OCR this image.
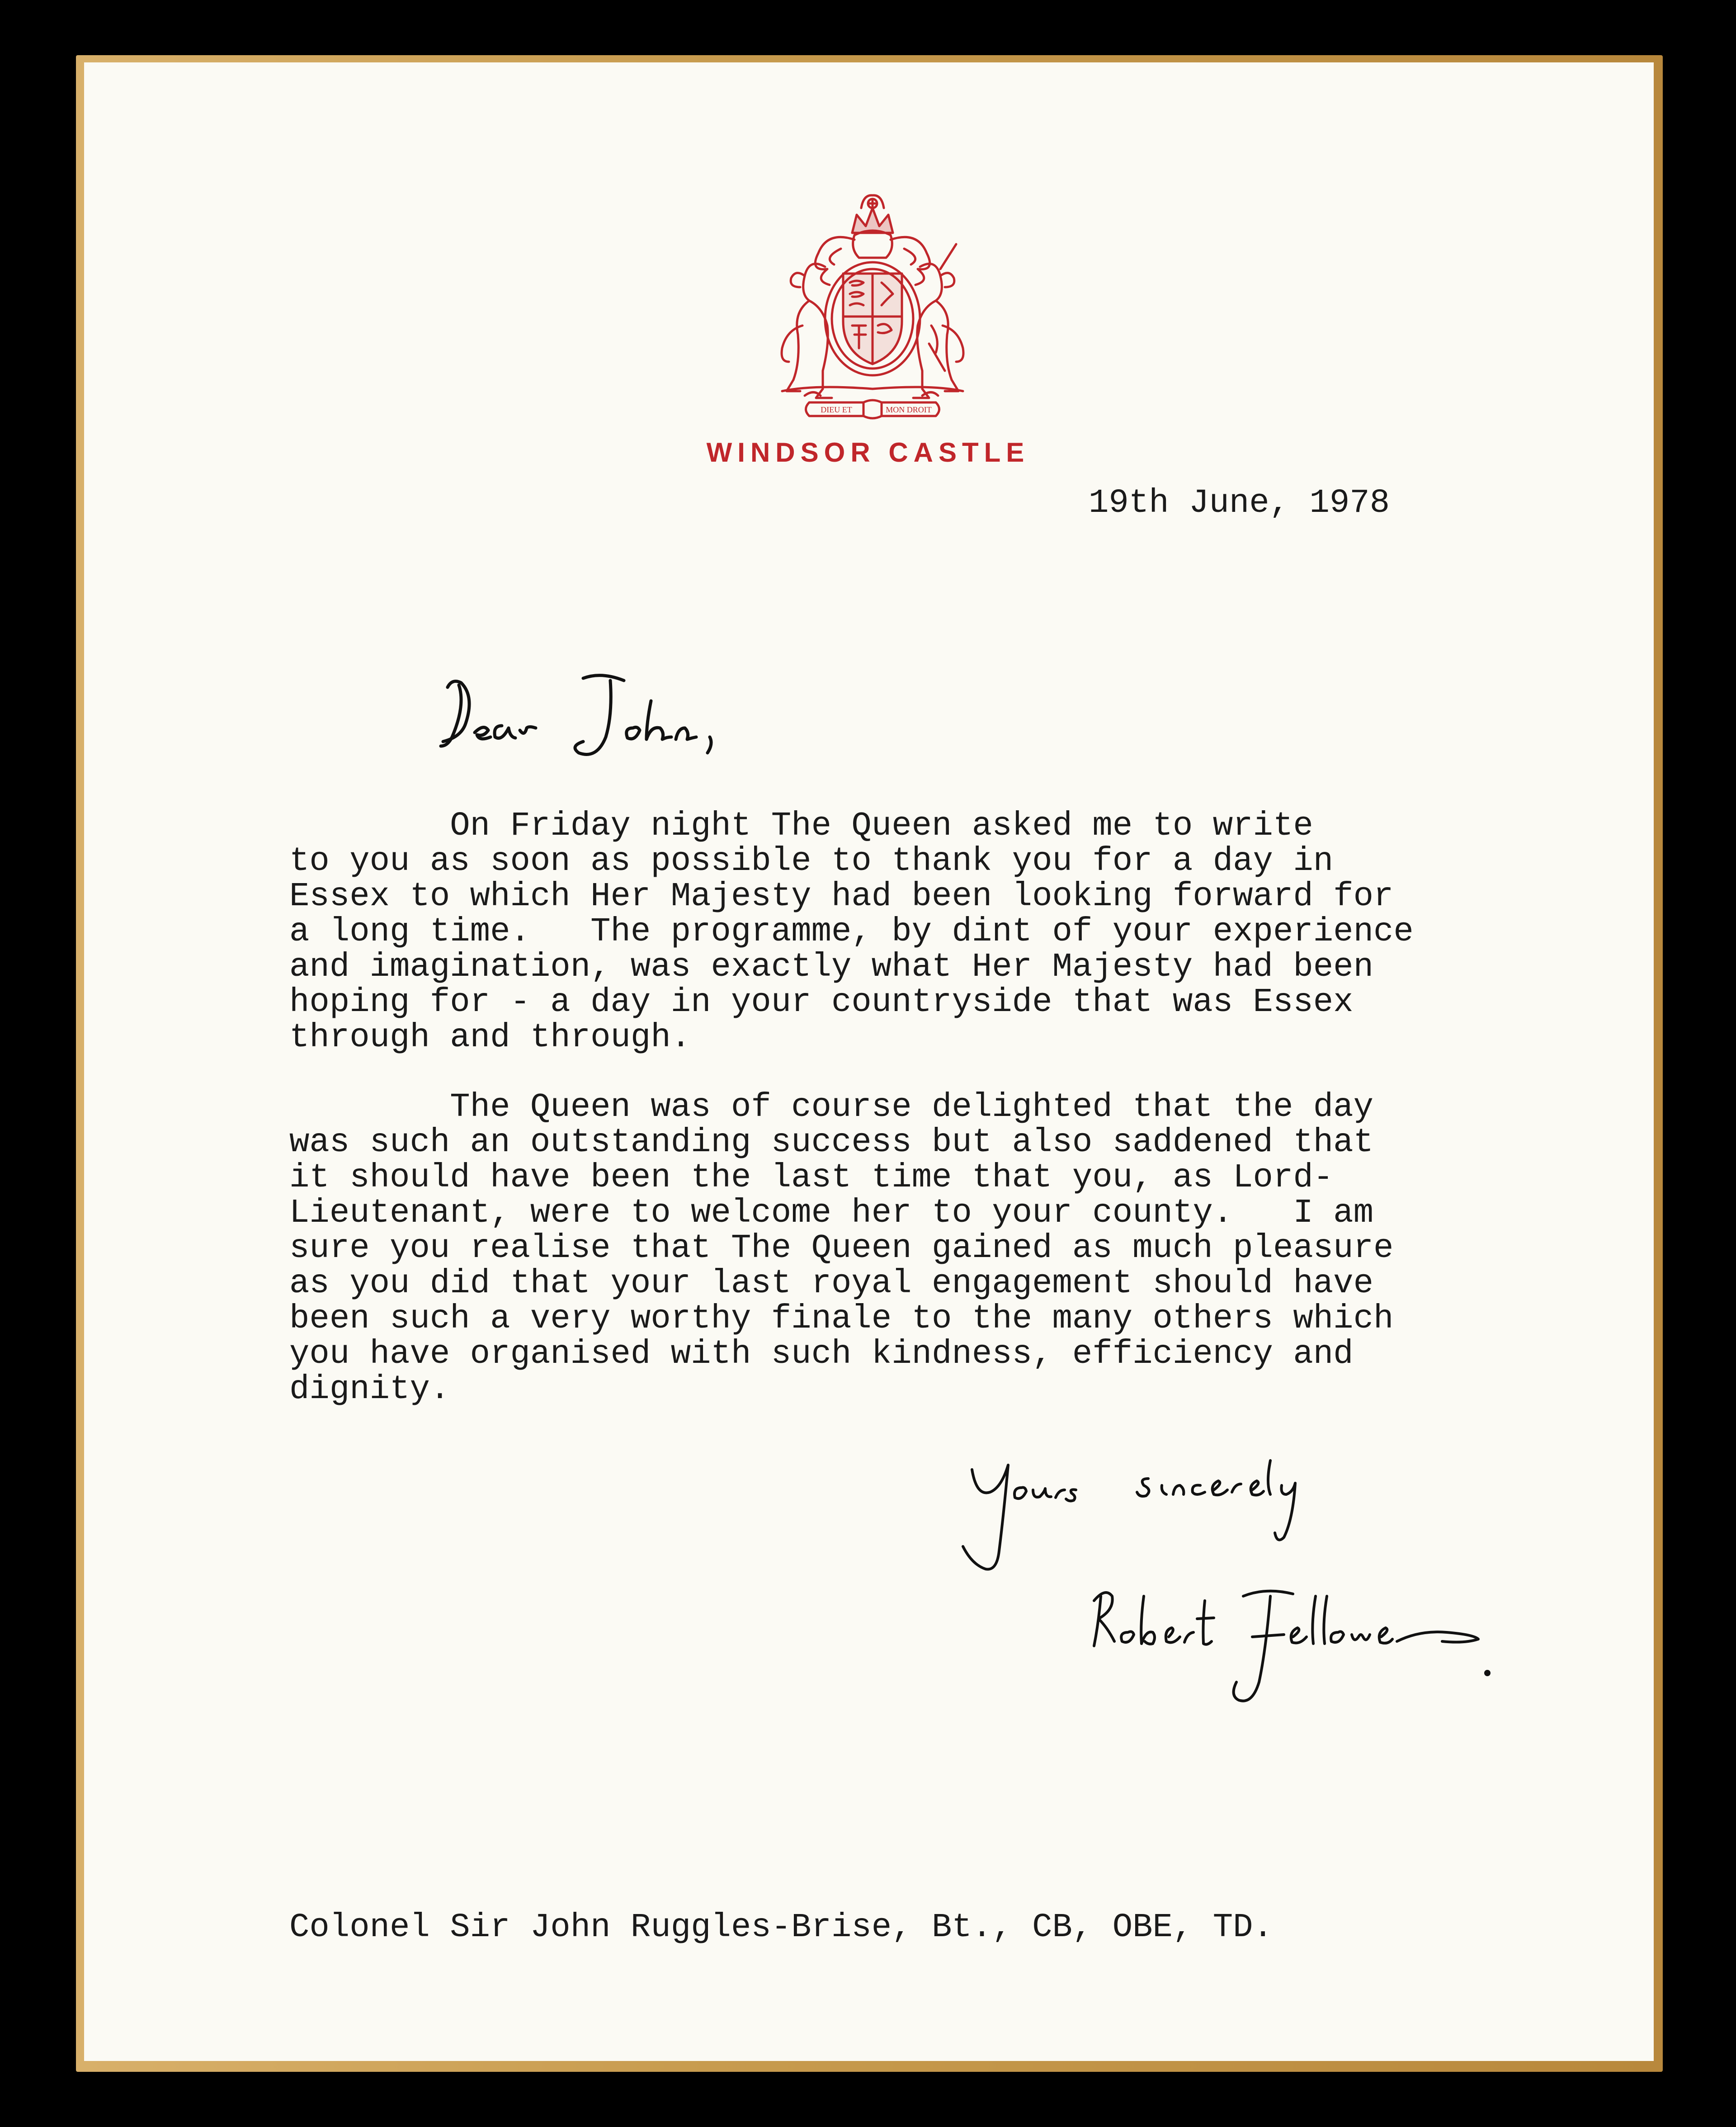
DIEU ET	MON DROIT
WINDSOR CASTLE

19th June, 1978

On Friday night The Queen asked me to write
to you as soon as possible to thank you for a day in
Essex to which Her Majesty had been looking forward for
a long time.   The programme, by dint of your experience
and imagination, was exactly what Her Majesty had been
hoping for - a day in your countryside that was Essex
through and through.

The Queen was of course delighted that the day
was such an outstanding success but also saddened that
it should have been the last time that you, as Lord-
Lieutenant, were to welcome her to your county.   I am
sure you realise that The Queen gained as much pleasure
as you did that your last royal engagement should have
been such a very worthy finale to the many others which
you have organised with such kindness, efficiency and
dignity.

Colonel Sir John Ruggles-Brise, Bt., CB, OBE, TD.
